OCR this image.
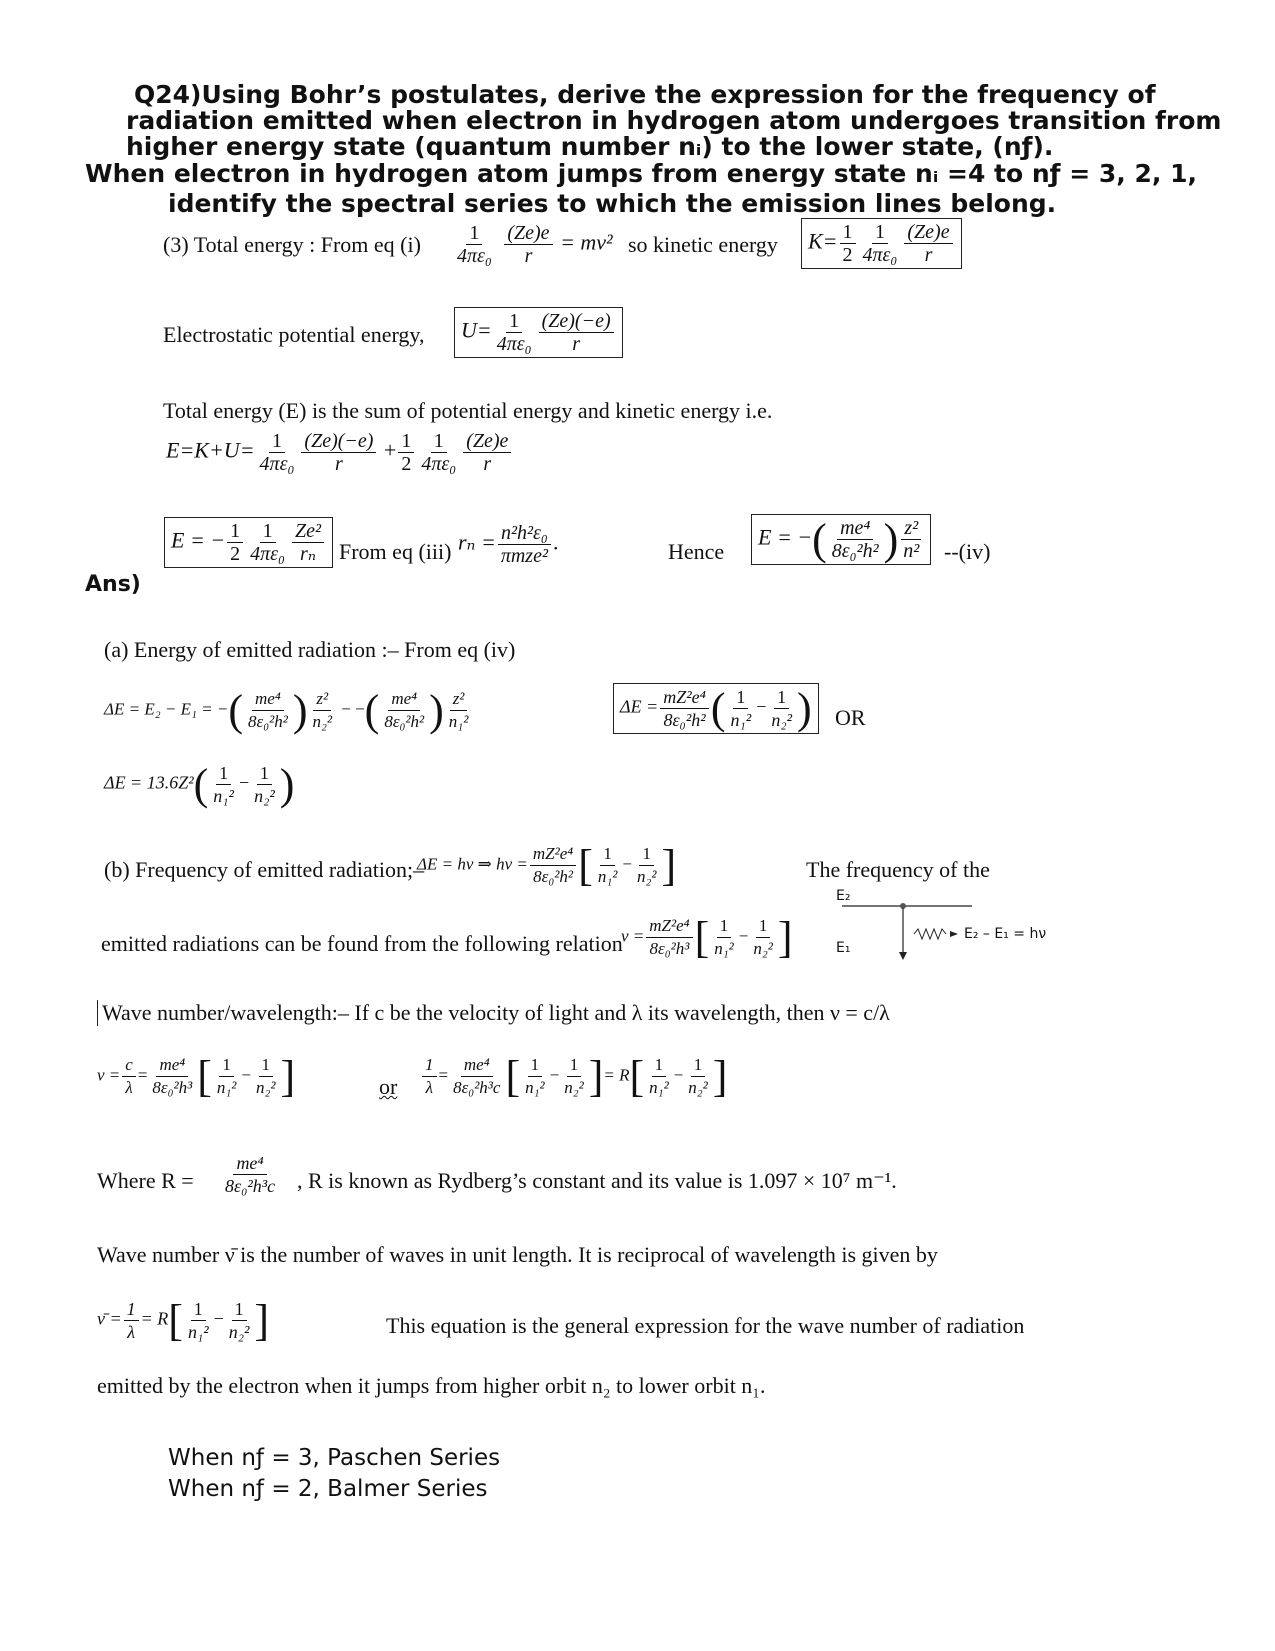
Q24)Using Bohr’s postulates, derive the expression for the frequency of
radiation emitted when electron in hydrogen atom undergoes transition from
higher energy state (quantum number nᵢ) to the lower state, (nƒ).
When electron in hydrogen atom jumps from energy state nᵢ =4 to nƒ = 3, 2, 1,
identify the spectral series to which the emission lines belong.
(3) Total energy : From eq $(i) \frac{1}{\text{4πε₀}}$
$\frac{(Ze)e}{r} = mv^2$ so kinetic energy	$K= \frac{1}{2} \frac{1}{\text{4πε₀}} \frac{(Ze)e}{r}$
Electrostatic potential energy,	$U= \frac{1}{\text{4πε₀}} \frac{(Ze)(-e)}{r}$
Total energy (E) is the sum of potential energy and kinetic energy i.e.
$E=K+U= \frac{1}{\text{4πε₀}} \frac{(Ze)(-e)}{r} + \frac{1}{2} \frac{1}{\text{4πε₀}} \frac{(Ze)e}{r}$
E = − $\frac{1}{2} \frac{1}{\text{4πε₀}} \frac{\text{Ze²}}{\text{rₙ}}$ From eq (iii) $r_n = \frac{\text{n²h²ε₀}}{\text{πmze²}}$ .	Hence
E = −( $\frac{\text{me⁴}}{\text{8ε₀²h²}}$ ) $\frac{\text{z²}}{\text{n²}} --(iv)$
Ans)
(a) Energy of emitted radiation :– From eq (iv)
ΔE = E₂ − E₁ = −( $\frac{\text{me⁴}}{\text{8ε₀²h²}}$ ) $\frac{\text{z²}}{\text{n₂²}}$ − −( $\frac{\text{me⁴}}{\text{8ε₀²h²}}$ ) $\frac{\text{z²}}{\text{n₁²}}$	$\Delta E = \frac{\text{mZ²e⁴}}{\text{8ε₀²h²}}$ ( $\frac{1}{\text{n₁²}} - \frac{1}{\text{n₂²}}$ )	OR
$\Delta E = 13.6Z^2( \frac{1}{\text{n₁²}} - \frac{1}{\text{n₂²}}$ )
(b) Frequency of emitted radiation;–
ΔE = hν ⇒ $h\nu = \frac{\text{mZ²e⁴}}{\text{8ε₀²h²}}$ [ $\frac{1}{\text{n₁²}} - \frac{1}{\text{n₂²}}$ ]	The frequency of the
emitted radiations can be found from the following relation
$\nu = \frac{\text{mZ²e⁴}}{\text{8ε₀²h³}}$ [ $\frac{1}{\text{n₁²}} - \frac{1}{\text{n₂²}}$ ]
E₂
E₁
E₂ – E₁ = hν
Wave number/wavelength:– If c be the velocity of light and λ its wavelength, then ν = c/λ
$\nu = \frac{c}{\lambda} = \frac{\text{me⁴}}{\text{8ε₀²h³}}$ [ $\frac{1}{\text{n₁²}} - \frac{1}{\text{n₂²}}$ ]	or $\frac{1}{\lambda} = \frac{\text{me⁴}}{\text{8ε₀²h³c}}$ [ $\frac{1}{\text{n₁²}} - \frac{1}{\text{n₂²}}$ ]= $R[ \frac{1}{\text{n₁²}} - \frac{1}{\text{n₂²}}$ ]
Where $R = \frac{\text{me⁴}}{\text{8ε₀²h³c}}$ , R is known as Rydberg’s constant and its value is 1.097 × 10⁷ m⁻¹.
Wave number ν̄ is the number of waves in unit length. It is reciprocal of wavelength is given by
ν̄ = $\frac{1}{\lambda} = R[ \frac{1}{\text{n₁²}} - \frac{1}{\text{n₂²}}$ ]	This equation is the general expression for the wave number of radiation
emitted by the electron when it jumps from higher orbit n₂ to lower orbit n₁.
When nƒ = 3, Paschen Series
When nƒ = 2, Balmer Series
